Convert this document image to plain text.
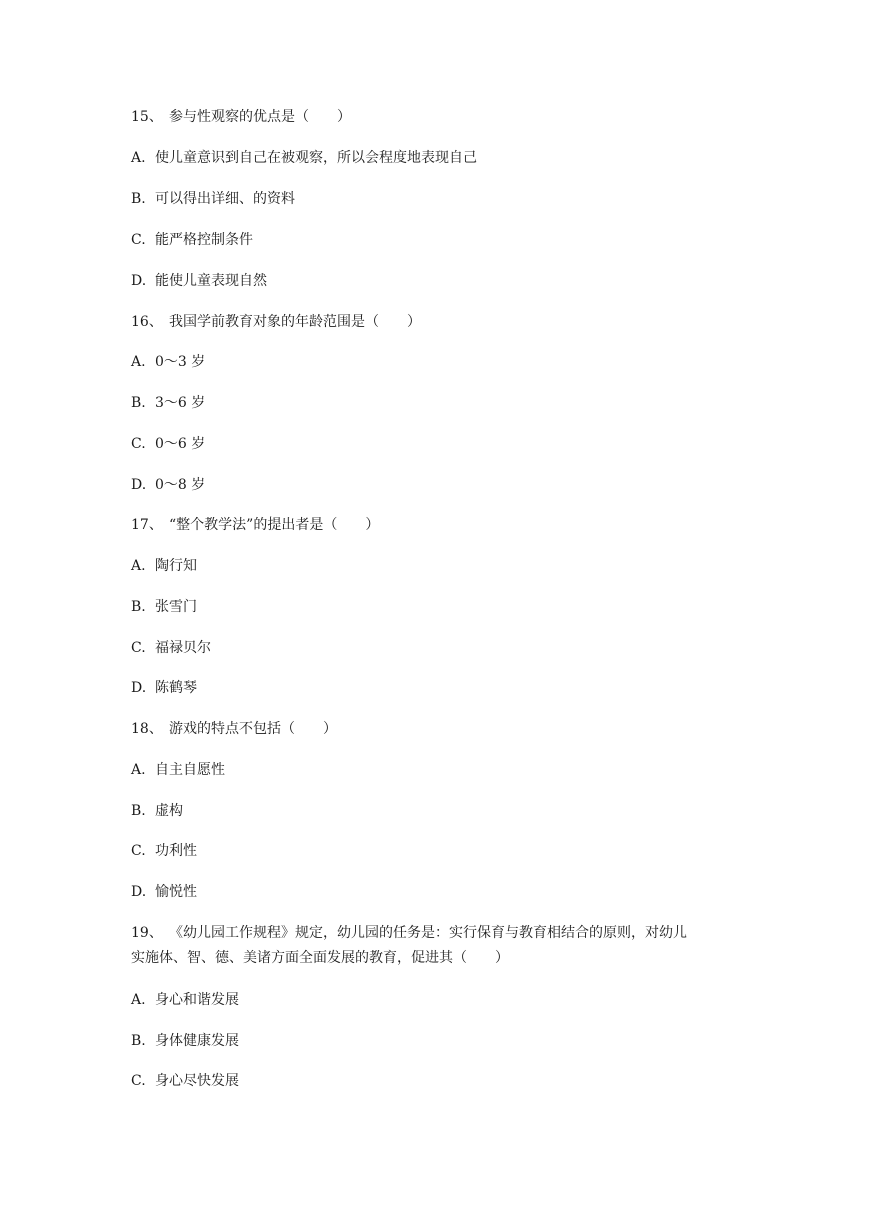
15、 参与性观察的优点是（　　）
A. 使儿童意识到自己在被观察，所以会程度地表现自己
B. 可以得出详细、的资料
C. 能严格控制条件
D. 能使儿童表现自然
16、 我国学前教育对象的年龄范围是（　　）
A. 0～3 岁
B. 3～6 岁
C. 0～6 岁
D. 0～8 岁
17、 “整个教学法”的提出者是（　　）
A. 陶行知
B. 张雪门
C. 福禄贝尔
D. 陈鹤琴
18、 游戏的特点不包括（　　）
A. 自主自愿性
B. 虚构
C. 功利性
D. 愉悦性
19、 《幼儿园工作规程》规定，幼儿园的任务是：实行保育与教育相结合的原则，对幼儿
实施体、智、德、美诸方面全面发展的教育，促进其（　　）
A. 身心和谐发展
B. 身体健康发展
C. 身心尽快发展
